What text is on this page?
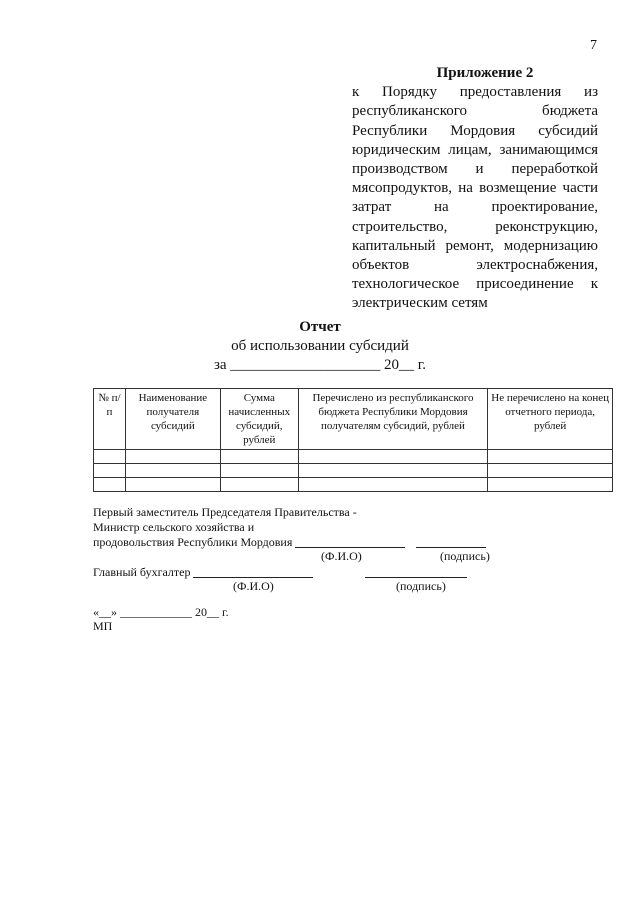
7
Приложение 2
к Порядку предоставления из
республиканского бюджета
Республики Мордовия субсидий
юридическим лицам, занимающимся
производством и переработкой
мясопродуктов, на возмещение части
затрат на проектирование,
строительство, реконструкцию,
капитальный ремонт, модернизацию
объектов электроснабжения,
технологическое присоединение к
электрическим сетям
Отчет
об использовании субсидий
за ____________________ 20__ г.
№ п/п	Наименование получателя субсидий	Сумма начисленных субсидий, рублей	Перечислено из республиканского бюджета Республики Мордовия получателям субсидий, рублей	Не перечислено на конец отчетного периода, рублей

Первый заместитель Председателя Правительства -
Министр сельского хозяйства и
продовольствия Республики Мордовия
(Ф.И.О)	(подпись)
Главный бухгалтер
(Ф.И.О)	(подпись)
«__» ____________ 20__ г.
МП
